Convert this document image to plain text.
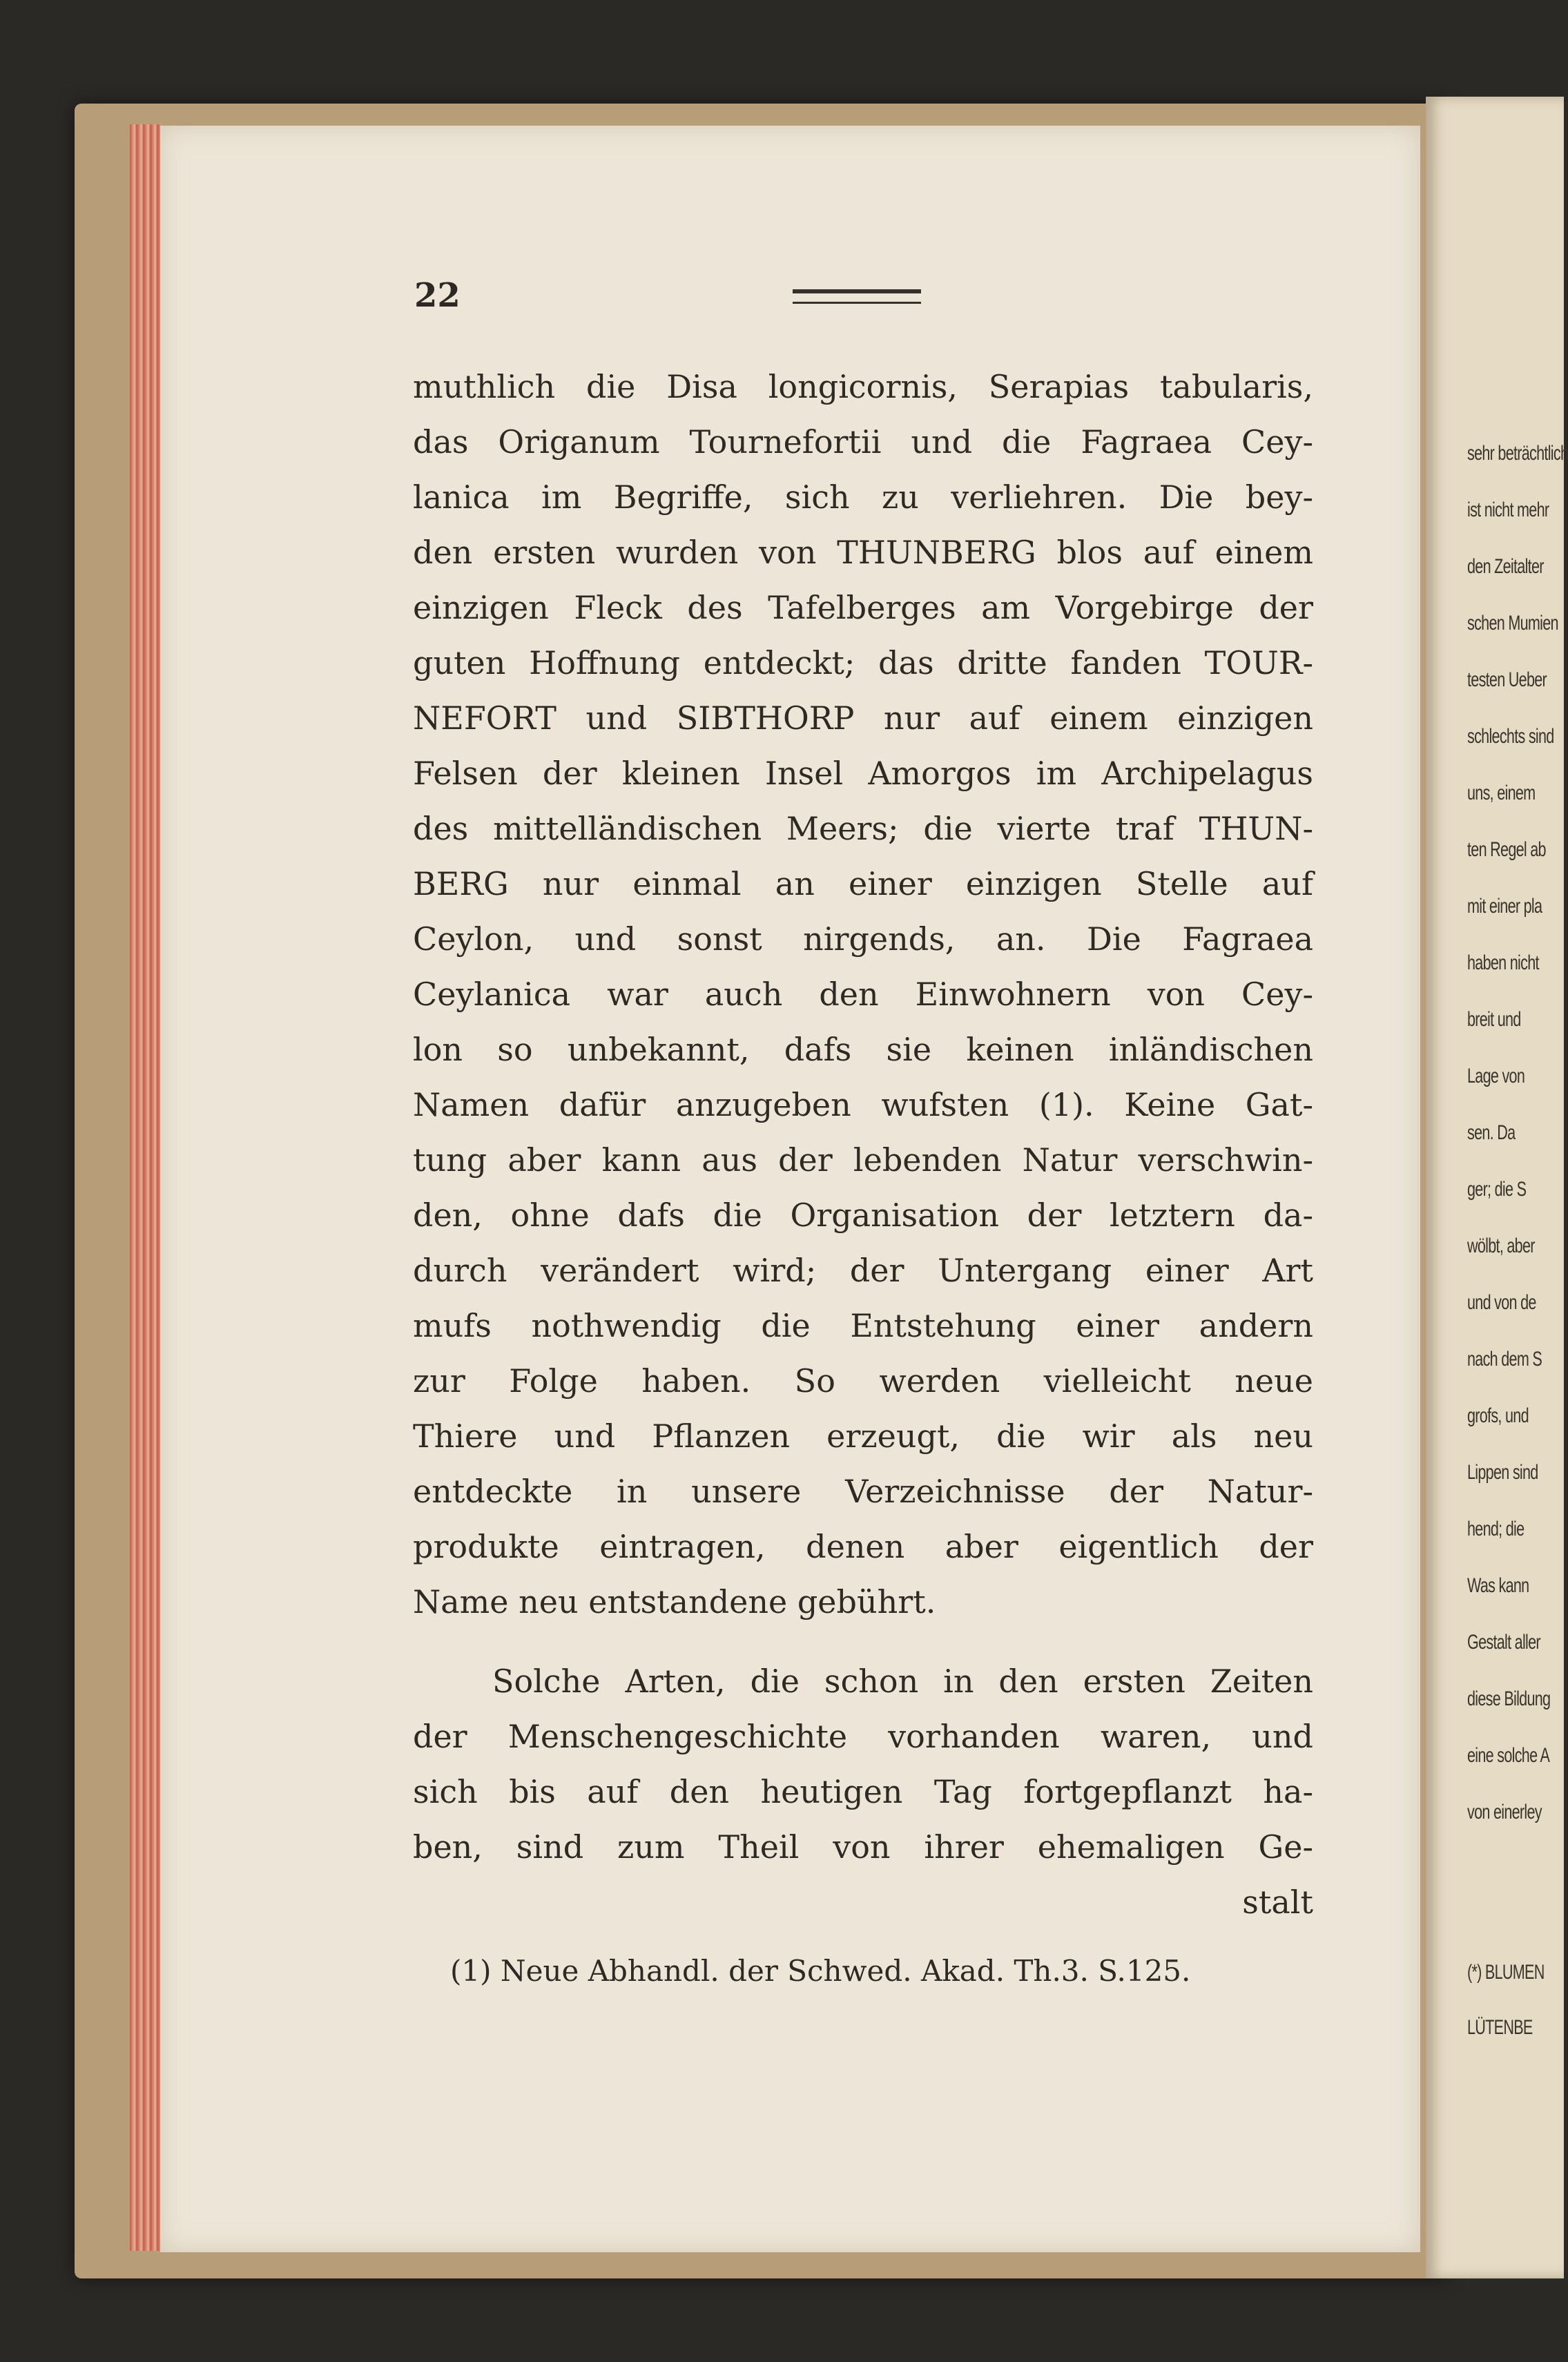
sehr beträchtlich
ist nicht mehr
den Zeitalter
schen Mumien
testen Ueber
schlechts sind
uns, einem
ten Regel ab
mit einer pla
haben nicht
breit und
Lage von
sen. Da
ger; die S
wölbt, aber
und von de
nach dem S
grofs, und
Lippen sind
hend; die
Was kann
Gestalt aller
diese Bildung
eine solche A
von einerley
(*) BLUMEN
LÜTENBE
22
muthlich die Disa longicornis, Serapias tabularis,
das Origanum Tournefortii und die Fagraea Cey-
lanica im Begriffe, sich zu verliehren. Die bey-
den ersten wurden von THUNBERG blos auf einem
einzigen Fleck des Tafelberges am Vorgebirge der
guten Hoffnung entdeckt; das dritte fanden TOUR-
NEFORT und SIBTHORP nur auf einem einzigen
Felsen der kleinen Insel Amorgos im Archipelagus
des mittelländischen Meers; die vierte traf THUN-
BERG nur einmal an einer einzigen Stelle auf
Ceylon, und sonst nirgends, an. Die Fagraea
Ceylanica war auch den Einwohnern von Cey-
lon so unbekannt, dafs sie keinen inländischen
Namen dafür anzugeben wufsten (1). Keine Gat-
tung aber kann aus der lebenden Natur verschwin-
den, ohne dafs die Organisation der letztern da-
durch verändert wird; der Untergang einer Art
mufs nothwendig die Entstehung einer andern
zur Folge haben. So werden vielleicht neue
Thiere und Pflanzen erzeugt, die wir als neu
entdeckte in unsere Verzeichnisse der Natur-
produkte eintragen, denen aber eigentlich der
Name neu entstandene gebührt.
Solche Arten, die schon in den ersten Zeiten
der Menschengeschichte vorhanden waren, und
sich bis auf den heutigen Tag fortgepflanzt ha-
ben, sind zum Theil von ihrer ehemaligen Ge-
stalt
(1) Neue Abhandl. der Schwed. Akad. Th.3. S.125.
